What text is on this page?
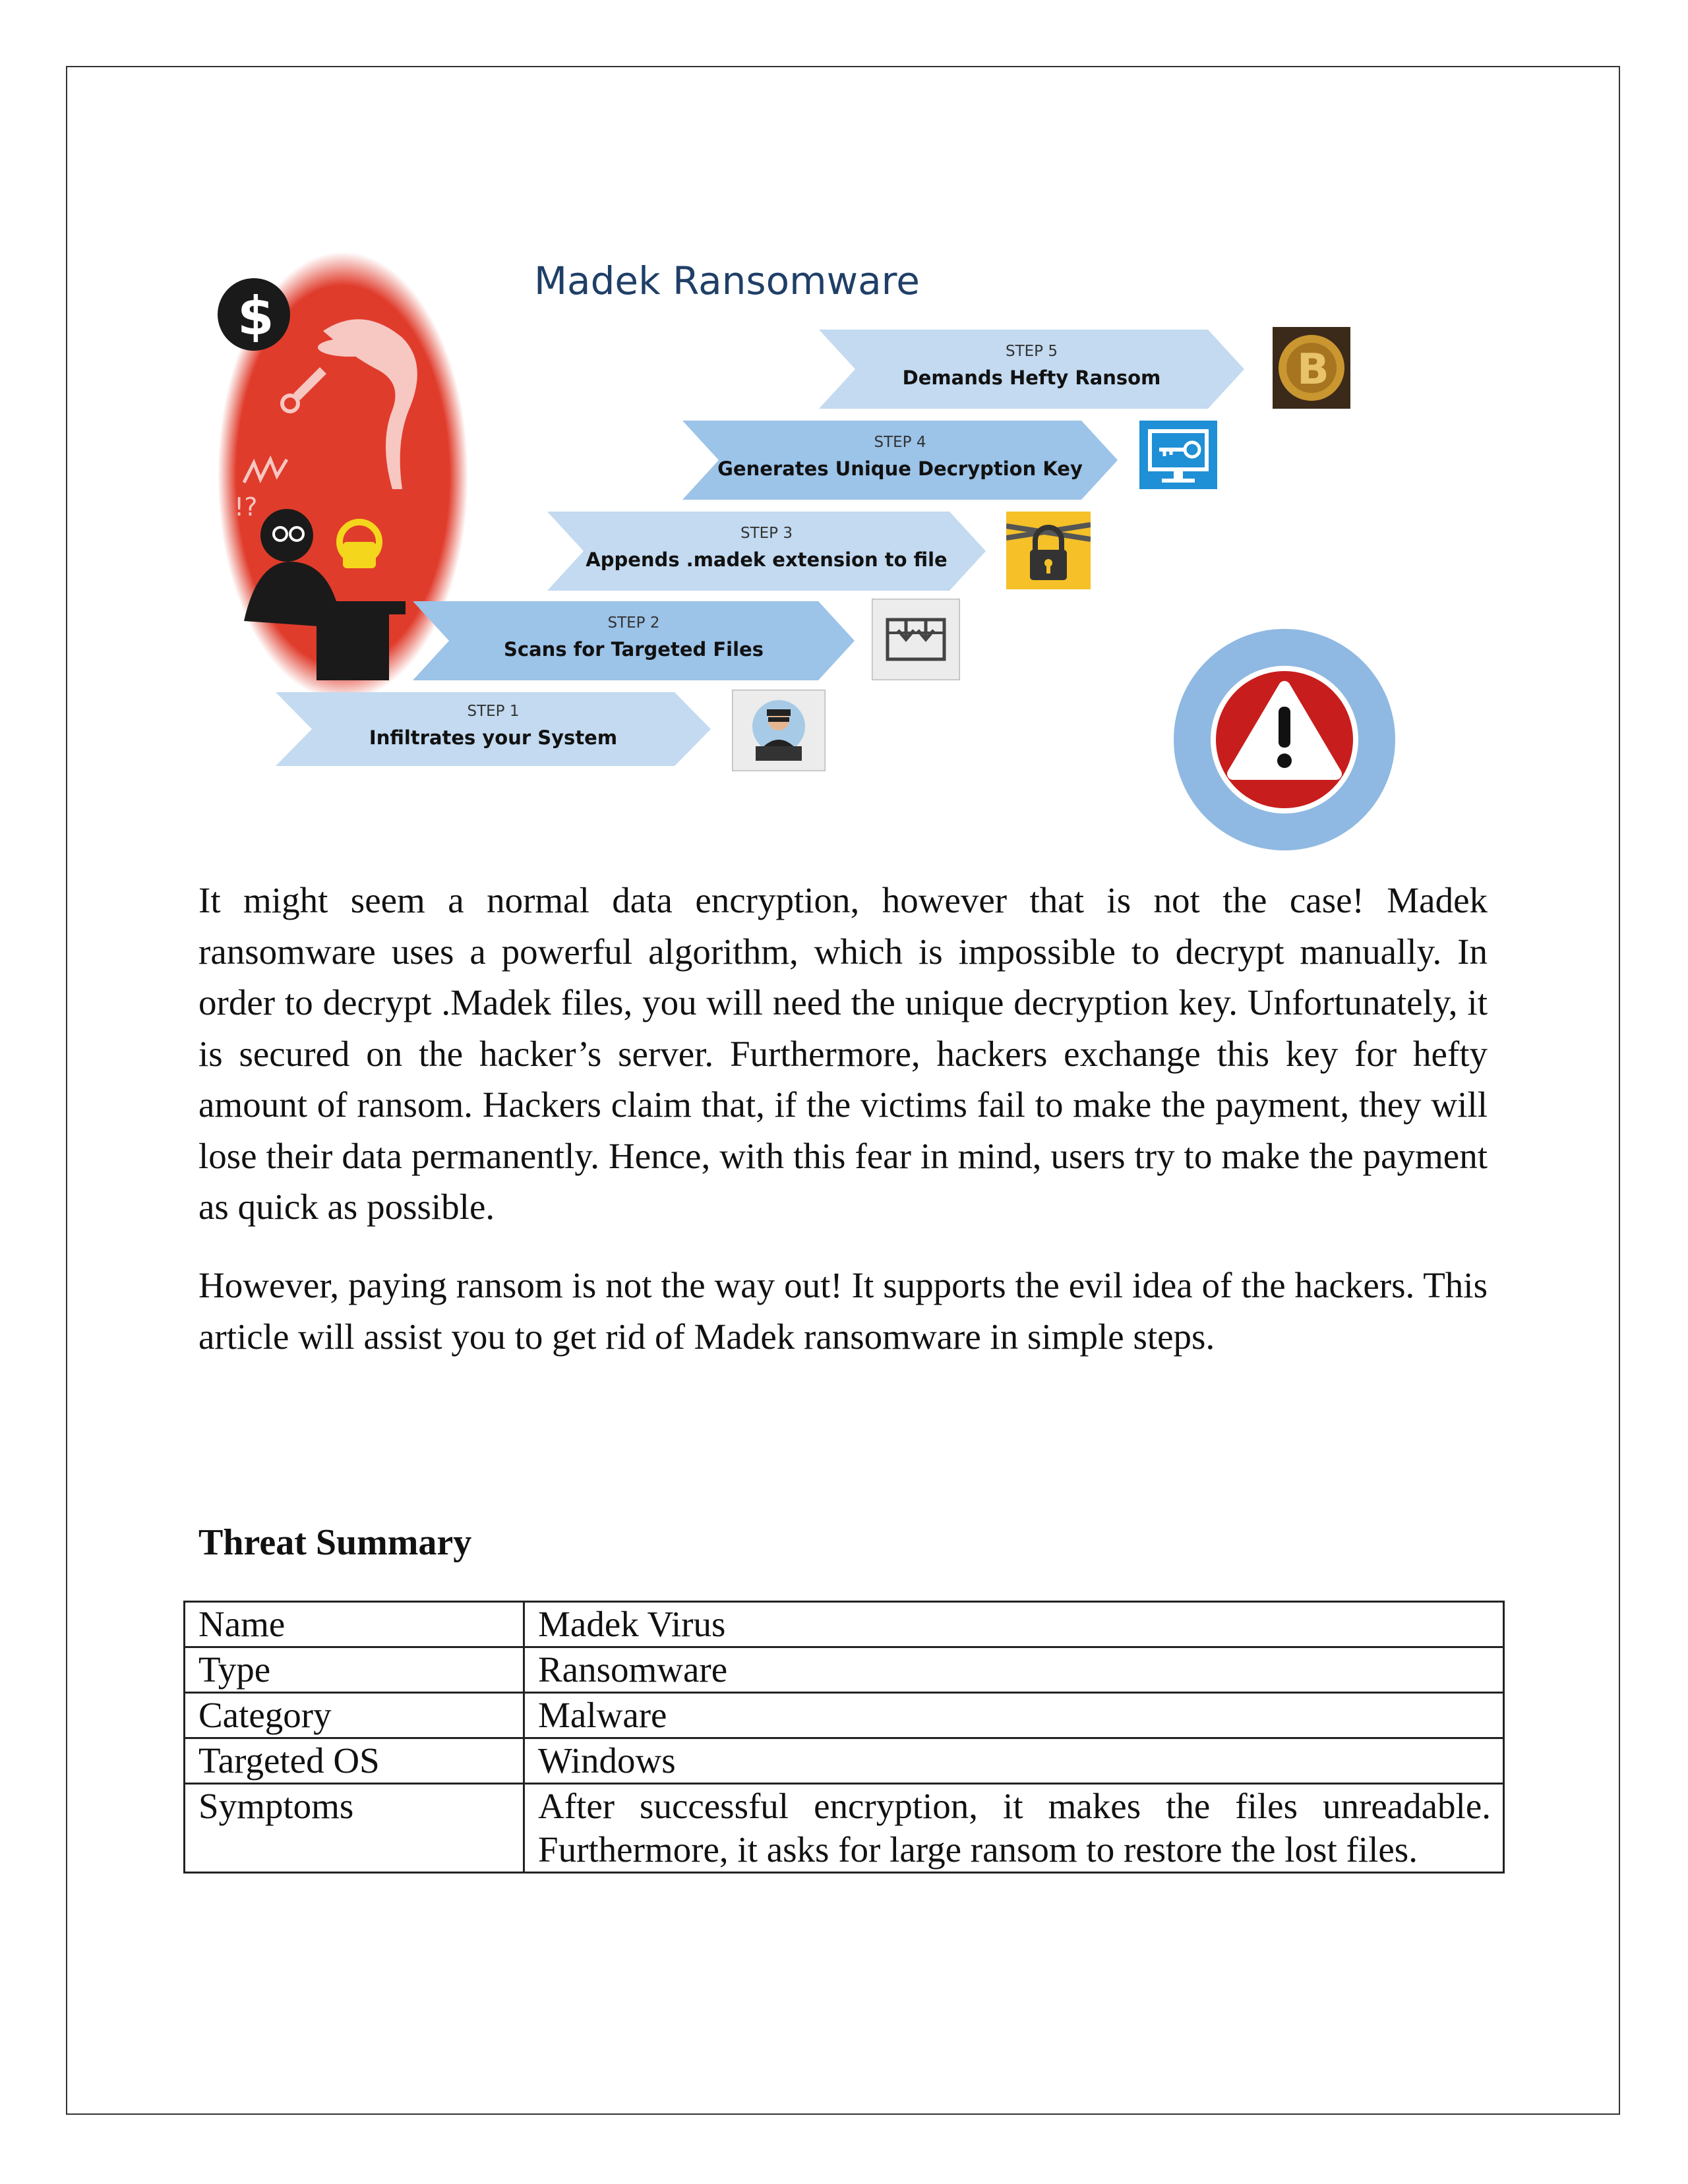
Madek Ransomware
$
!?
STEP 5
Demands Hefty Ransom	B
STEP 4
Generates Unique Decryption Key
STEP 3
Appends .madek extension to file
STEP 2
Scans for Targeted Files
STEP 1
Infiltrates your System

It might seem a normal data encryption, however that is not the case! Madek ransomware uses a powerful algorithm, which is impossible to decrypt manually. In order to decrypt .Madek files, you will need the unique decryption key. Unfortunately, it is secured on the hacker’s server. Furthermore, hackers exchange this key for hefty amount of ransom. Hackers claim that, if the victims fail to make the payment, they will lose their data permanently. Hence, with this fear in mind, users try to make the payment as quick as possible.

However, paying ransom is not the way out! It supports the evil idea of the hackers. This article will assist you to get rid of Madek ransomware in simple steps.

Threat Summary
Name	Madek Virus
Type	Ransomware
Category	Malware
Targeted OS	Windows
Symptoms	After successful encryption, it makes the files unreadable. Furthermore, it asks for large ransom to restore the lost files.
